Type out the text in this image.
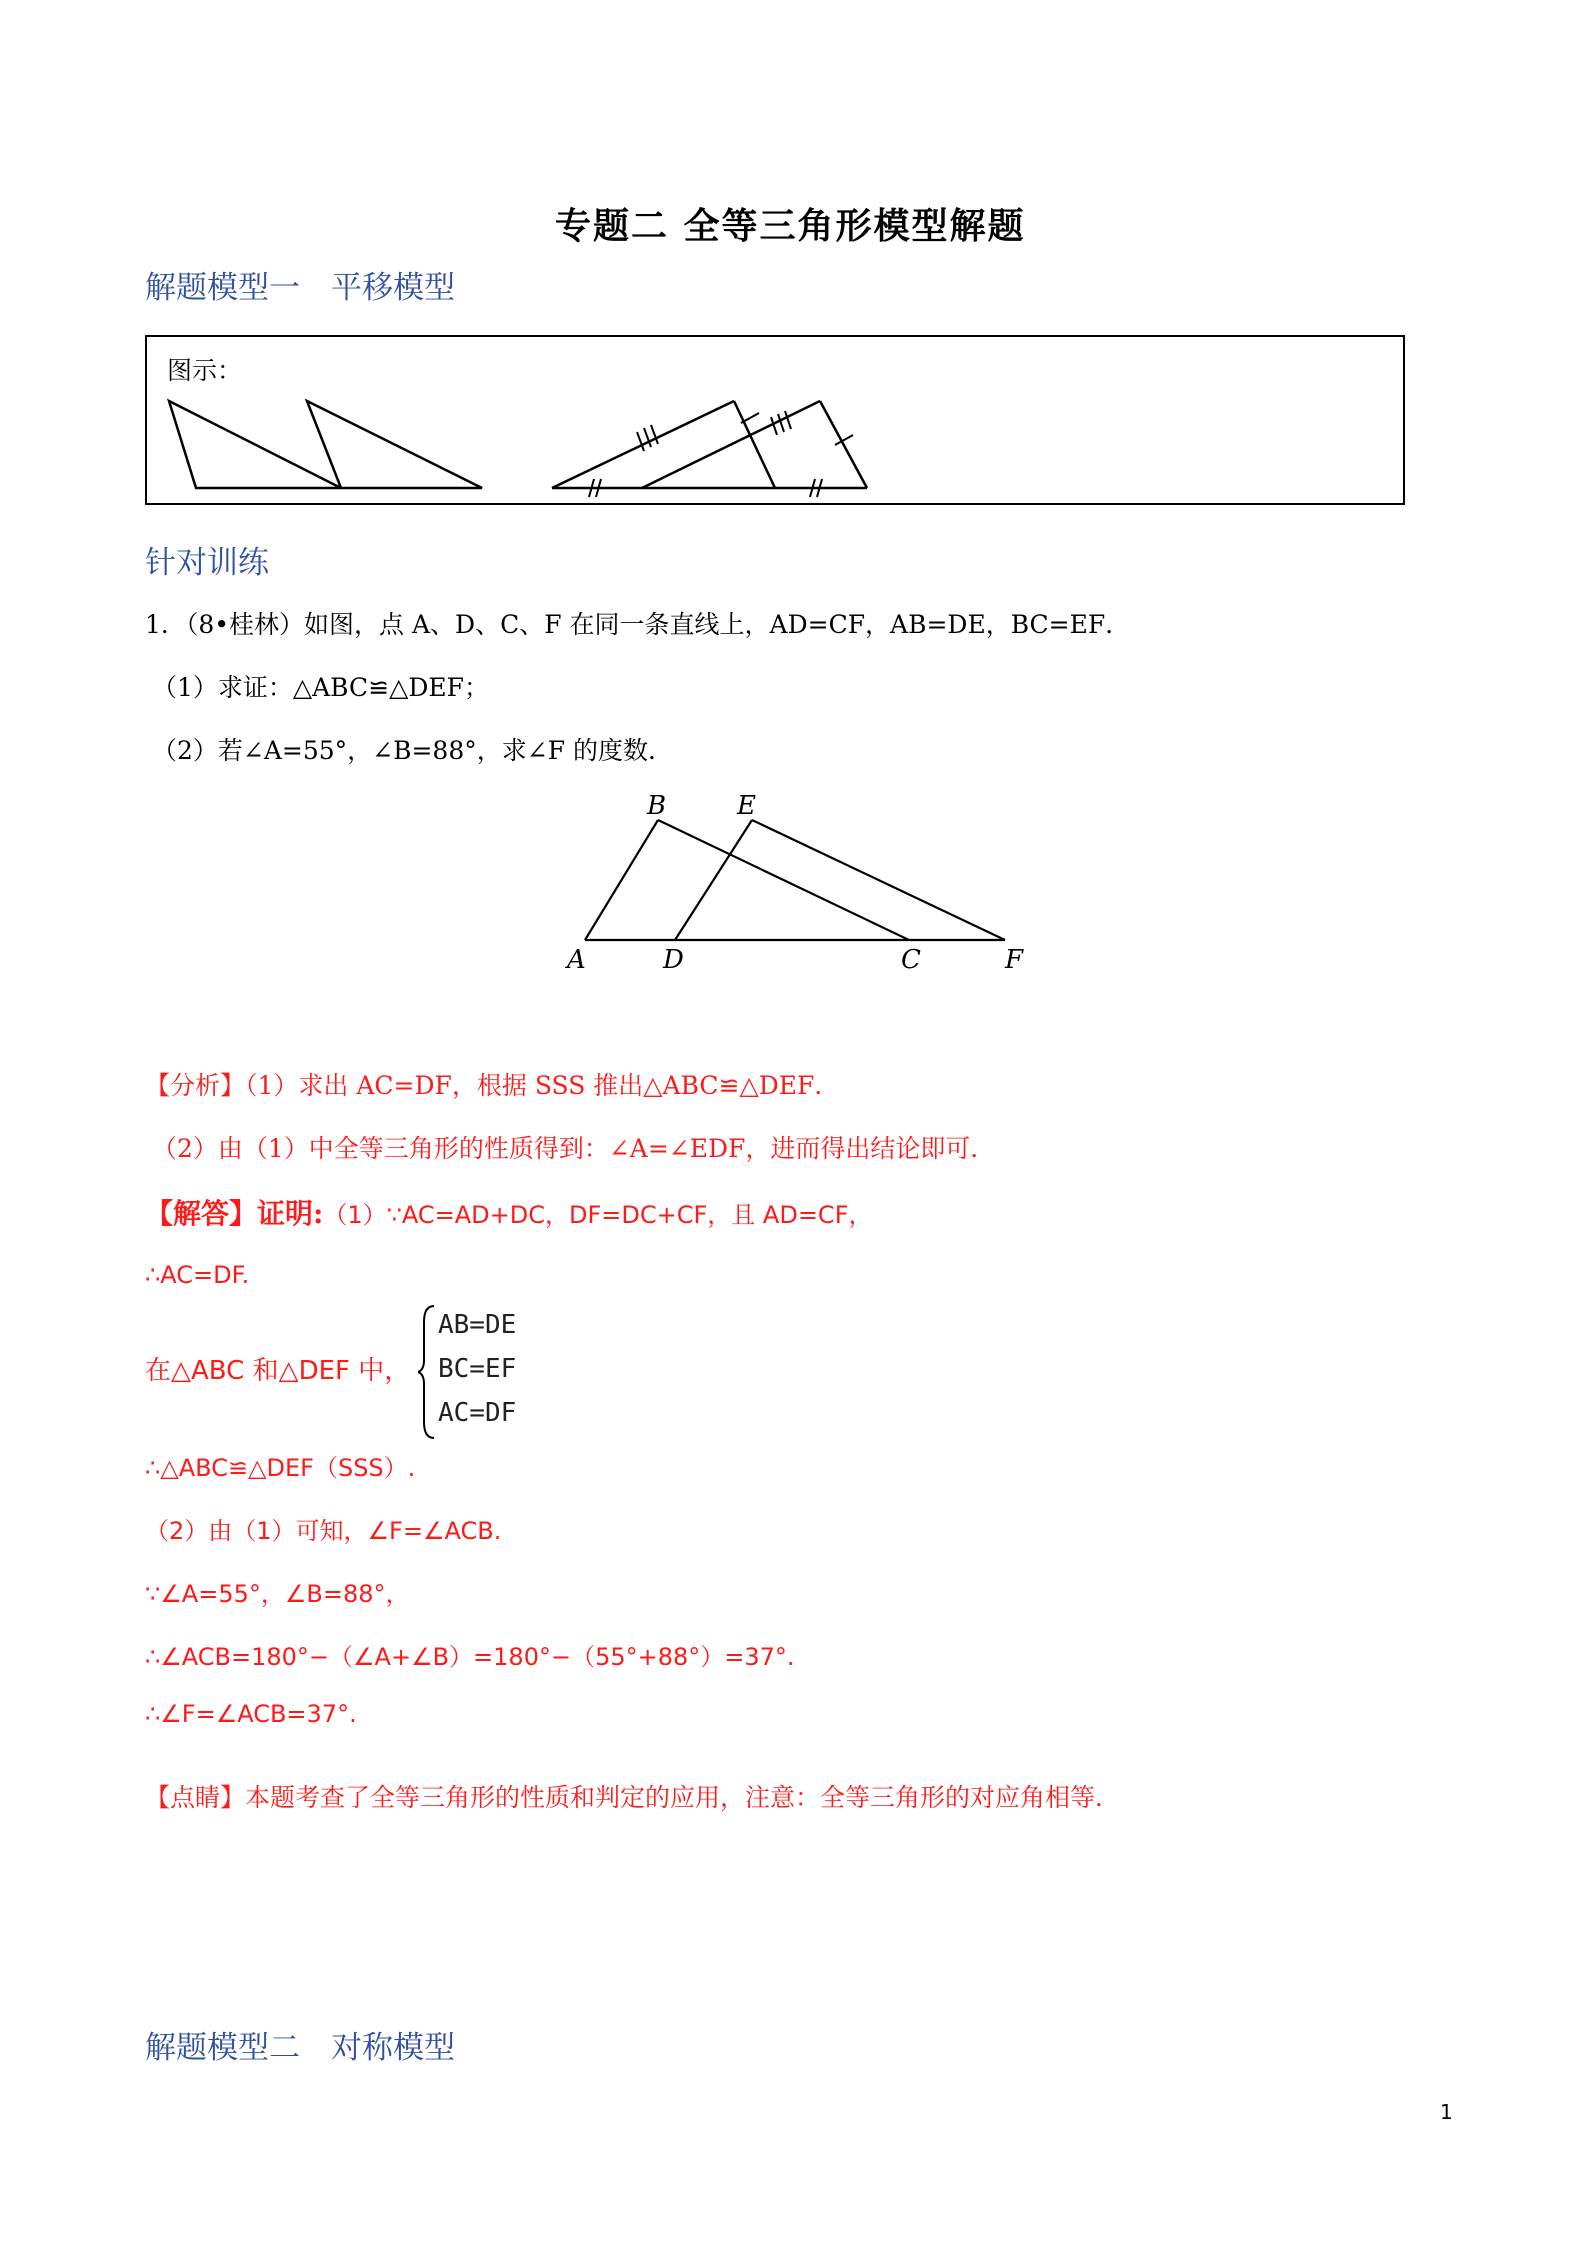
专题二 全等三角形模型解题
解题模型一　平移模型
图示：
针对训练
1．（8•桂林）如图，点 A、D、C、F 在同一条直线上，AD=CF，AB=DE，BC=EF．
（1）求证：△ABC≌△DEF；
（2）若∠A=55°，∠B=88°，求∠F 的度数．
B	E
A	D	C	F
【分析】（1）求出 AC=DF，根据 SSS 推出△ABC≌△DEF．
（2）由（1）中全等三角形的性质得到：∠A=∠EDF，进而得出结论即可．
【解答】证明:（1）∵AC=AD+DC，DF=DC+CF，且 AD=CF，
∴AC=DF.
在△ABC 和△DEF 中，
AB=DE
BC=EF
AC=DF
∴△ABC≌△DEF（SSS）.
（2）由（1）可知，∠F=∠ACB.
∵∠A=55°，∠B=88°，
∴∠ACB=180°−（∠A+∠B）=180°−（55°+88°）=37°.
∴∠F=∠ACB=37°.
【点睛】本题考查了全等三角形的性质和判定的应用，注意：全等三角形的对应角相等．
解题模型二　对称模型
1
